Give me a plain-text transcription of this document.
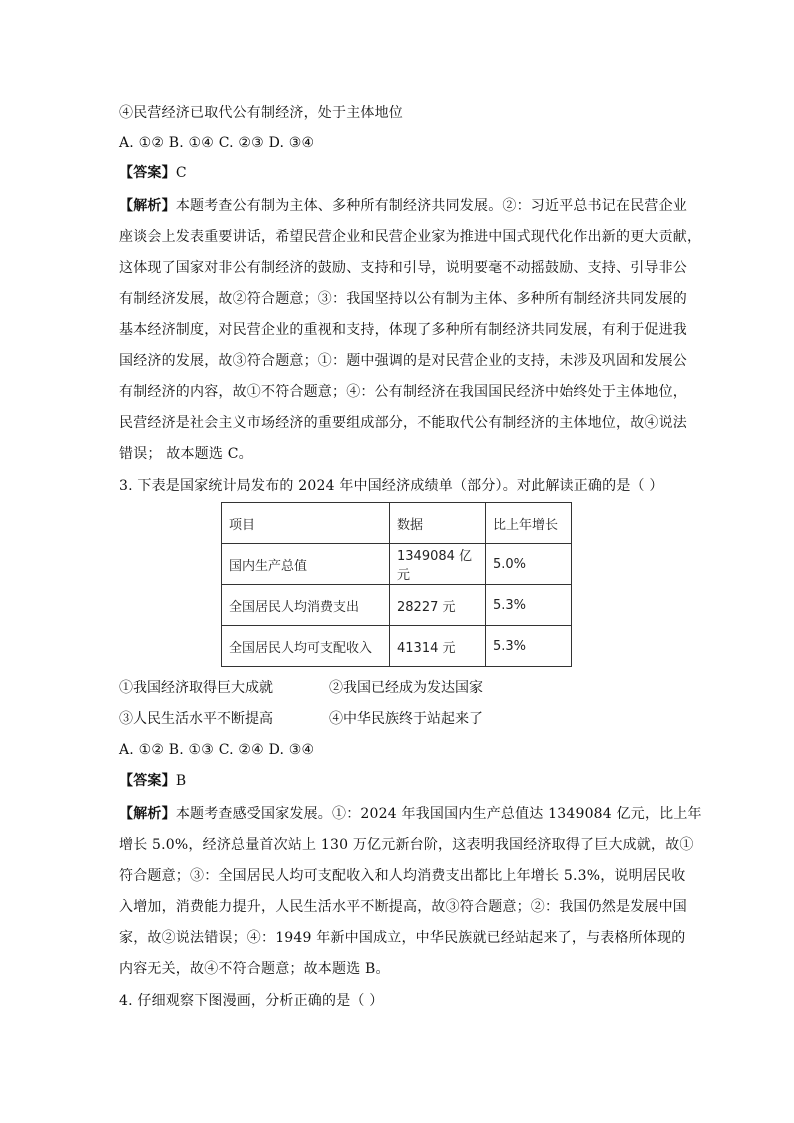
④民营经济已取代公有制经济，处于主体地位
A. ①② B. ①④ C. ②③ D. ③④
【答案】C
【解析】本题考查公有制为主体、多种所有制经济共同发展。②：习近平总书记在民营企业
座谈会上发表重要讲话，希望民营企业和民营企业家为推进中国式现代化作出新的更大贡献，
这体现了国家对非公有制经济的鼓励、支持和引导，说明要毫不动摇鼓励、支持、引导非公
有制经济发展，故②符合题意；③：我国坚持以公有制为主体、多种所有制经济共同发展的
基本经济制度，对民营企业的重视和支持，体现了多种所有制经济共同发展，有利于促进我
国经济的发展，故③符合题意；①：题中强调的是对民营企业的支持，未涉及巩固和发展公
有制经济的内容，故①不符合题意；④：公有制经济在我国国民经济中始终处于主体地位，
民营经济是社会主义市场经济的重要组成部分，不能取代公有制经济的主体地位，故④说法
错误； 故本题选 C。
3. 下表是国家统计局发布的 2024 年中国经济成绩单（部分）。对此解读正确的是（ ）
项目	数据	比上年增长
国内生产总值	1349084 亿元	5.0%
全国居民人均消费支出	28227 元	5.3%
全国居民人均可支配收入	41314 元	5.3%
①我国经济取得巨大成就	②我国已经成为发达国家
③人民生活水平不断提高	④中华民族终于站起来了
A. ①② B. ①③ C. ②④ D. ③④
【答案】B
【解析】本题考查感受国家发展。①：2024 年我国国内生产总值达 1349084 亿元，比上年
增长 5.0%，经济总量首次站上 130 万亿元新台阶，这表明我国经济取得了巨大成就，故①
符合题意；③：全国居民人均可支配收入和人均消费支出都比上年增长 5.3%，说明居民收
入增加，消费能力提升，人民生活水平不断提高，故③符合题意；②：我国仍然是发展中国
家，故②说法错误；④：1949 年新中国成立，中华民族就已经站起来了，与表格所体现的
内容无关，故④不符合题意；故本题选 B。
4. 仔细观察下图漫画，分析正确的是（ ）
